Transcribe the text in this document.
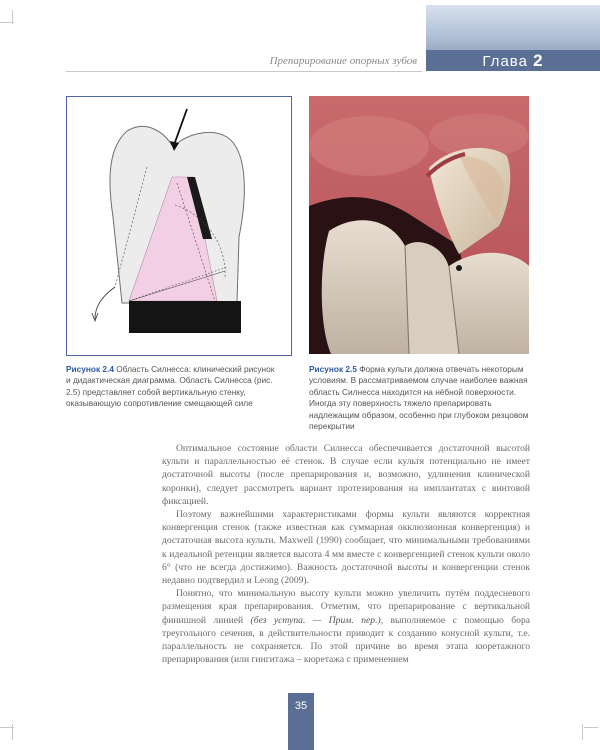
Глава 2
Препарирование опорных зубов
Рисунок 2.4 Область Силнесса: клинический рисунок и дидактическая диаграмма. Область Силнесса (рис. 2.5) представляет собой вертикальную стенку, оказывающую сопротивление смещающей силе
Рисунок 2.5 Форма культи должна отвечать некоторым условиям. В рассматриваемом случае наиболее важная область Силнесса находится на нёбной поверхности. Иногда эту поверхность тяжело препарировать надлежащим образом, особенно при глубоком резцовом перекрытии

Оптимальное состояние области Силнесса обеспечивается достаточной высотой культи и параллельностью её стенок. В случае если культя потенциально не имеет достаточной высоты (после препарирования и, возможно, удлинения клинической коронки), следует рассмотреть вариант протезирования на имплантатах с винтовой фиксацией.

Поэтому важнейшими характеристиками формы культи являются корректная конвергенция стенок (также известная как суммарная окклюзионная конвергенция) и достаточная высота культи. Maxwell (1990) сообщает, что минимальными требованиями к идеальной ретенции является высота 4 мм вместе с конвергенцией стенок культи около 6° (что не всегда достижимо). Важность достаточной высоты и конвергенции стенок недавно подтвердил и Leong (2009).

Понятно, что минимальную высоту культи можно увеличить путём поддесневого размещения края препарирования. Отметим, что препарирование с вертикальной финишной линией (без уступа. — Прим. пер.), выполняемое с помощью бора треугольного сечения, в действительности приводит к созданию конусной культи, т.е. параллельность не сохраняется. По этой причине во время этапа кюретажного препарирования (или гингитажа – кюретажа с применением

35
